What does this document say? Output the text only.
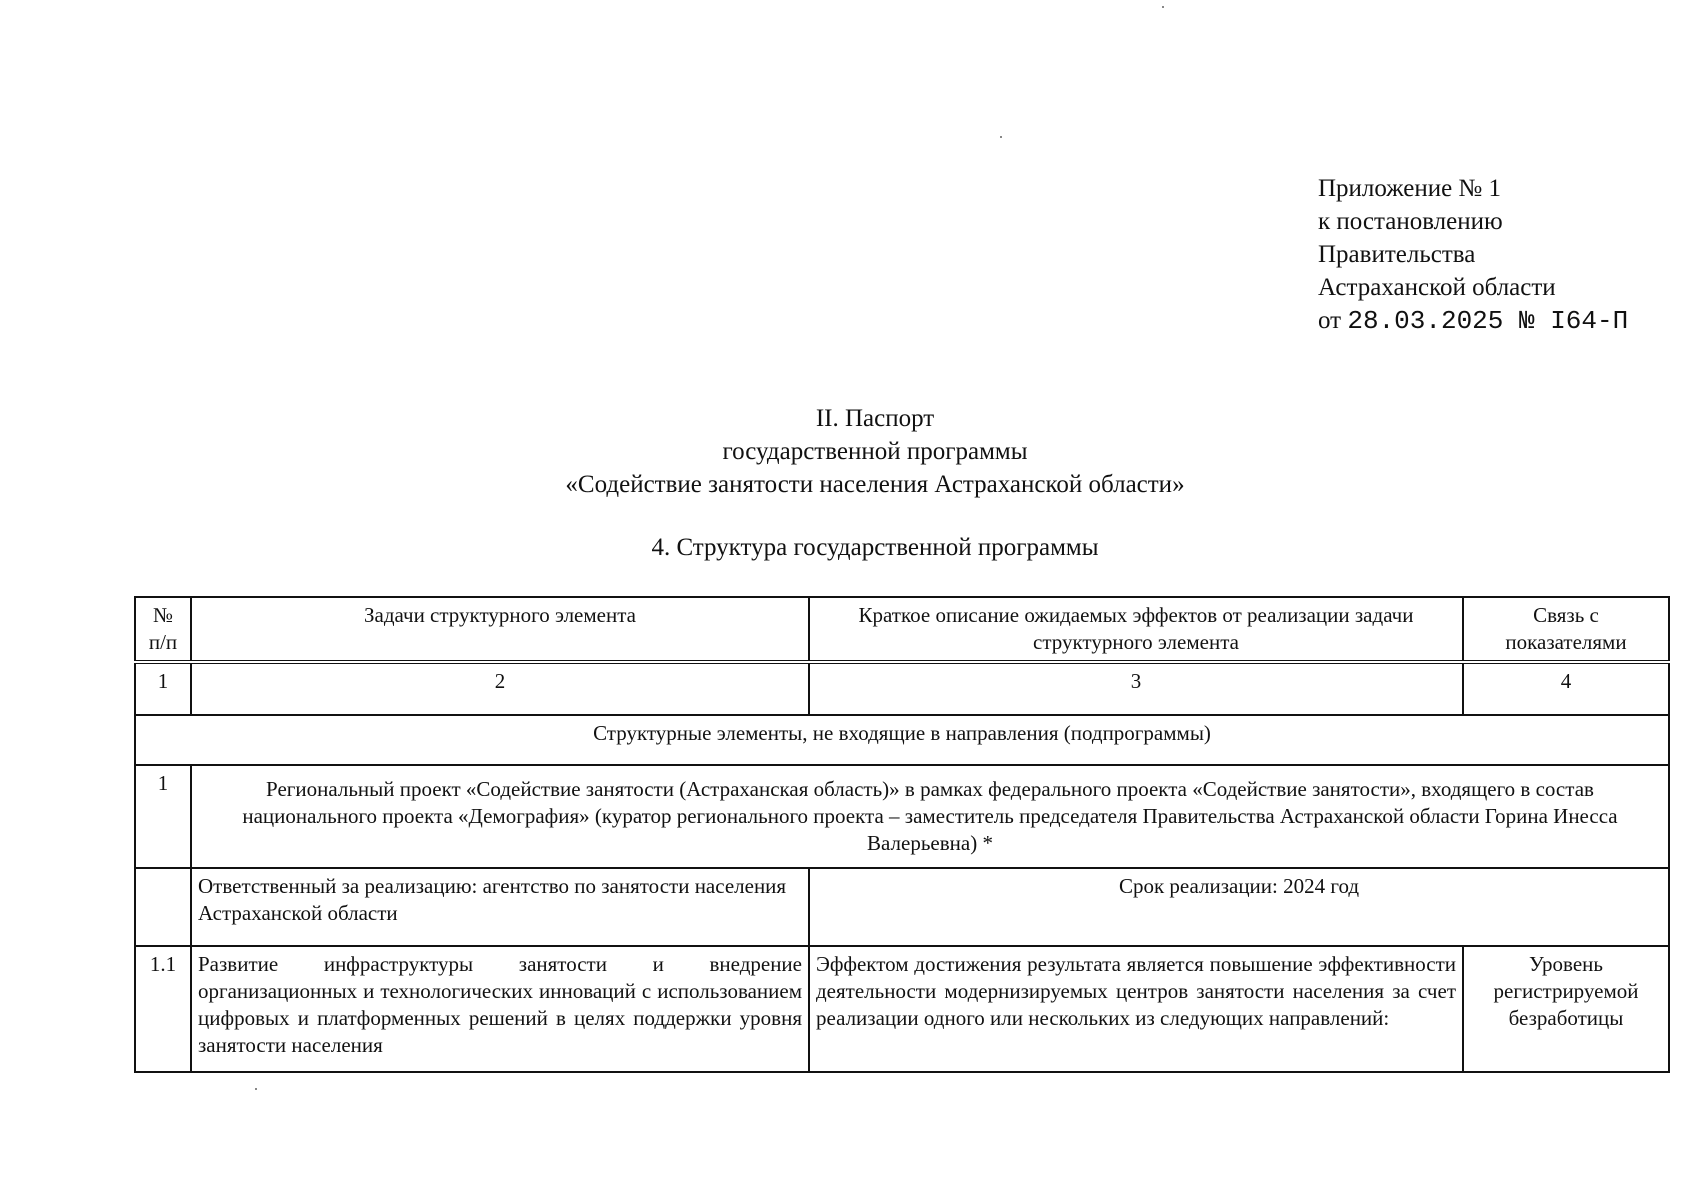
Приложение № 1
к постановлению
Правительства
Астраханской области
от 28.03.2025 № I64-П
II. Паспорт
государственной программы
«Содействие занятости населения Астраханской области»
4. Структура государственной программы
№ п/п	Задачи структурного элемента	Краткое описание ожидаемых эффектов от реализации задачи структурного элемента	Связь с показателями
1	2	3	4
Структурные элементы, не входящие в направления (подпрограммы)			
1	Региональный проект «Содействие занятости (Астраханская область)» в рамках федерального проекта «Содействие занятости», входящего в состав национального проекта «Демография» (куратор регионального проекта – заместитель председателя Правительства Астраханской области Горина Инесса Валерьевна) *		
	Ответственный за реализацию: агентство по занятости населения Астраханской области	Срок реализации: 2024 год	
1.1	Развитие инфраструктуры занятости и внедрение организационных и технологических инноваций с использованием цифровых и платформенных решений в целях поддержки уровня занятости населения	Эффектом достижения результата является повышение эффективности деятельности модернизируемых центров занятости населения за счет реализации одного или нескольких из следующих направлений:	Уровень регистрируемой безработицы
